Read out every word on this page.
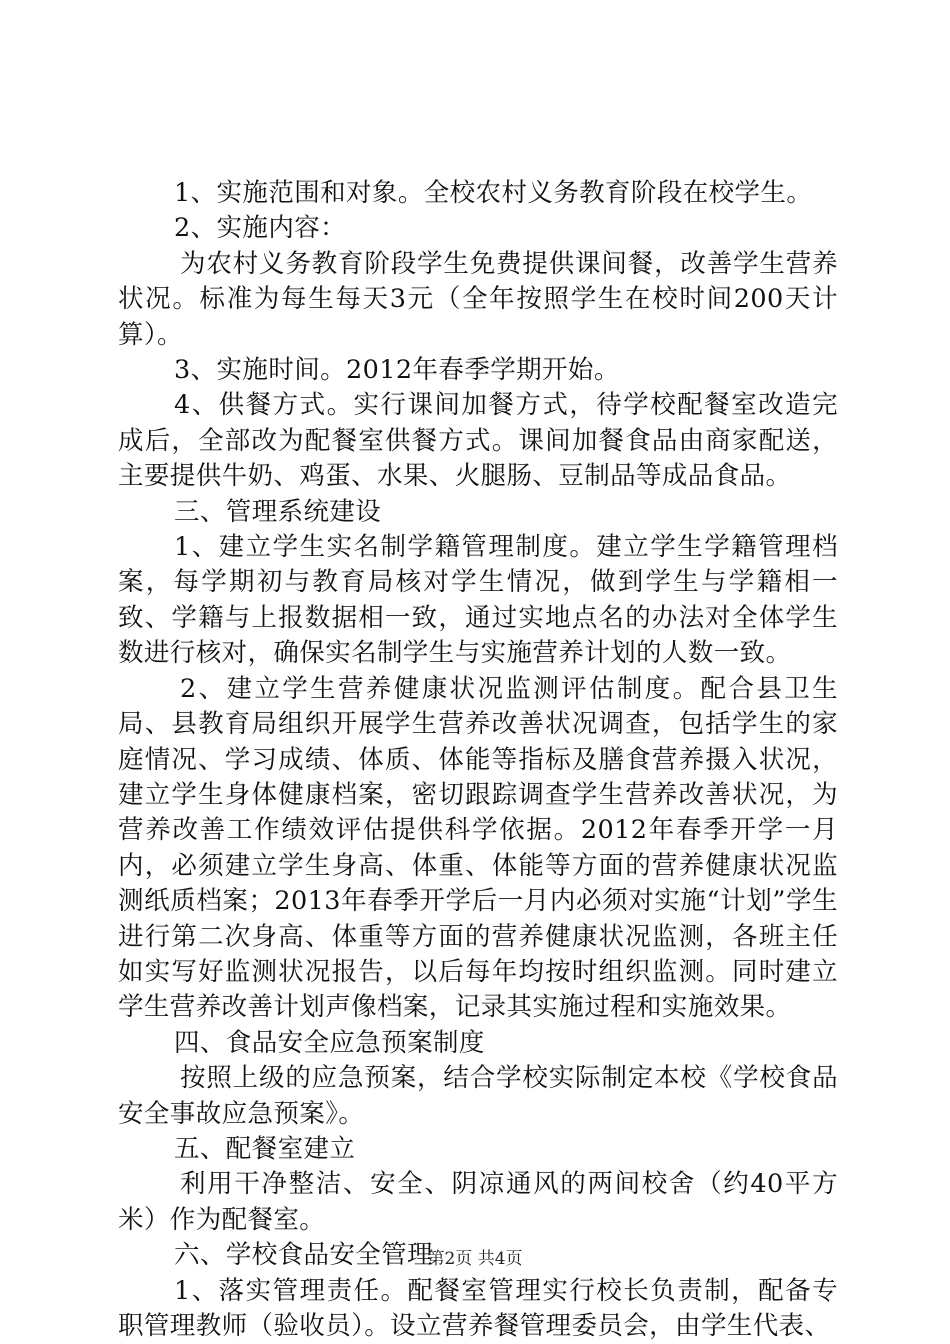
1、实施范围和对象。全校农村义务教育阶段在校学生。

2、实施内容：

为农村义务教育阶段学生免费提供课间餐，改善学生营养状况。标准为每生每天3元（全年按照学生在校时间200天计算）。

3、实施时间。2012年春季学期开始。

4、供餐方式。实行课间加餐方式，待学校配餐室改造完成后，全部改为配餐室供餐方式。课间加餐食品由商家配送，主要提供牛奶、鸡蛋、水果、火腿肠、豆制品等成品食品。

三、管理系统建设

1、建立学生实名制学籍管理制度。建立学生学籍管理档案，每学期初与教育局核对学生情况，做到学生与学籍相一致、学籍与上报数据相一致，通过实地点名的办法对全体学生数进行核对，确保实名制学生与实施营养计划的人数一致。

2、建立学生营养健康状况监测评估制度。配合县卫生局、县教育局组织开展学生营养改善状况调查，包括学生的家庭情况、学习成绩、体质、体能等指标及膳食营养摄入状况，建立学生身体健康档案，密切跟踪调查学生营养改善状况，为营养改善工作绩效评估提供科学依据。2012年春季开学一月内，必须建立学生身高、体重、体能等方面的营养健康状况监测纸质档案；2013年春季开学后一月内必须对实施“计划”学生进行第二次身高、体重等方面的营养健康状况监测，各班主任如实写好监测状况报告，以后每年均按时组织监测。同时建立学生营养改善计划声像档案，记录其实施过程和实施效果。

四、食品安全应急预案制度

按照上级的应急预案，结合学校实际制定本校《学校食品安全事故应急预案》。

五、配餐室建立

利用干净整洁、安全、阴凉通风的两间校舍（约40平方米）作为配餐室。

六、学校食品安全管理

1、落实管理责任。配餐室管理实行校长负责制，配备专职管理教师（验收员）。设立营养餐管理委员会，由学生代表、

第2页 共4页
